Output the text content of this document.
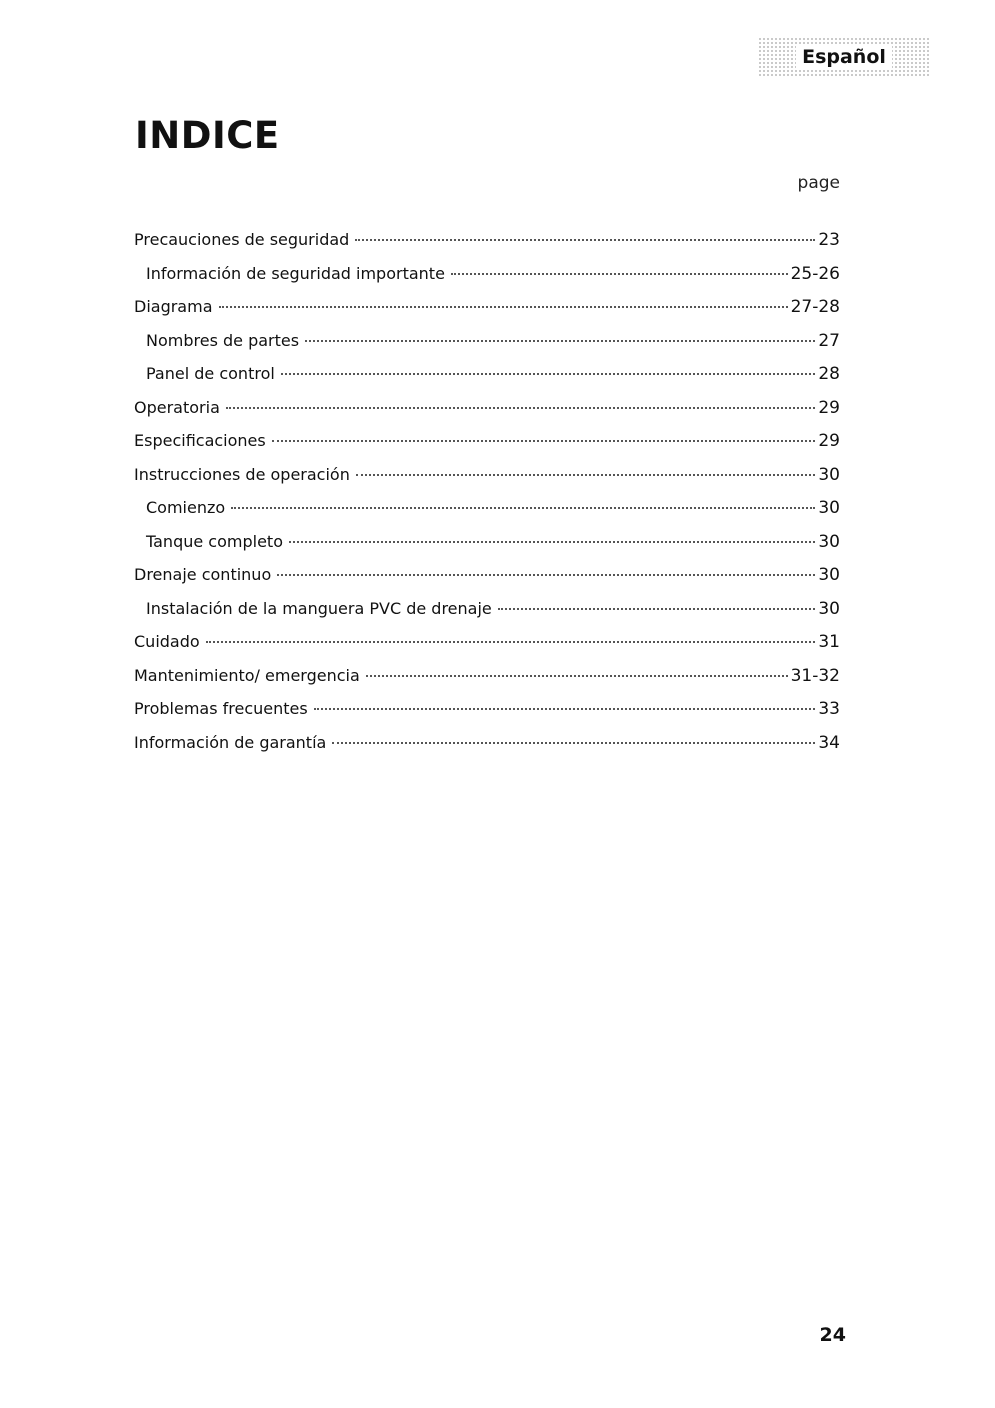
Español
INDICE
page
Precauciones de seguridad	23
Información de seguridad importante	25-26
Diagrama	27-28
Nombres de partes	27
Panel de control	28
Operatoria	29
Especificaciones	29
Instrucciones de operación	30
Comienzo	30
Tanque completo	30
Drenaje continuo	30
Instalación de la manguera PVC de drenaje	30
Cuidado	31
Mantenimiento/ emergencia	31-32
Problemas frecuentes	33
Información de garantía	34
24
